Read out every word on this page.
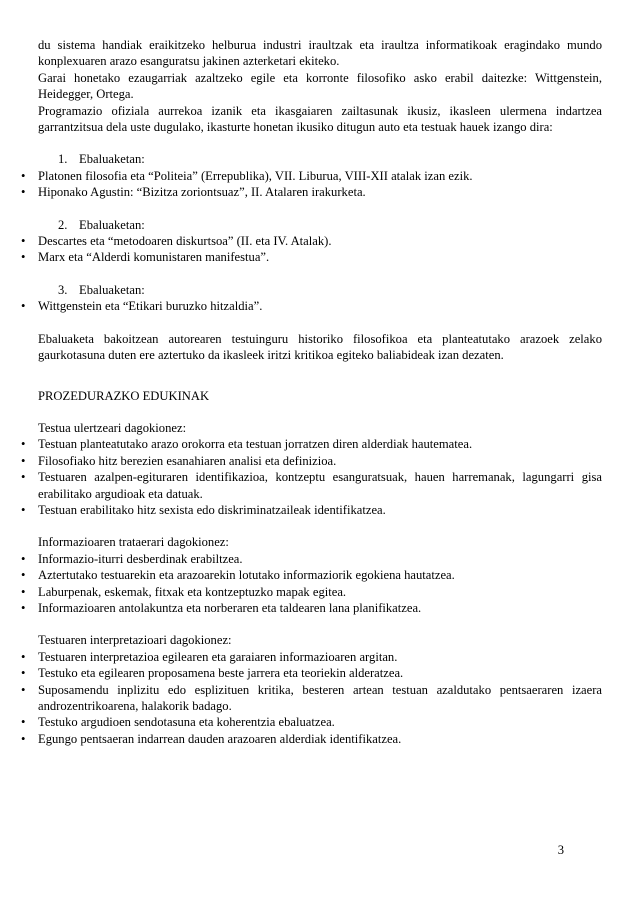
du sistema handiak eraikitzeko helburua industri iraultzak eta iraultza informatikoak eragindako mundo konplexuaren arazo esanguratsu jakinen azterketari ekiteko.

Garai honetako ezaugarriak azaltzeko egile eta korronte filosofiko asko erabil daitezke: Wittgenstein, Heidegger, Ortega.

Programazio ofiziala aurrekoa izanik eta ikasgaiaren zailtasunak ikusiz, ikasleen ulermena indartzea garrantzitsua dela uste dugulako, ikasturte honetan ikusiko ditugun auto eta testuak hauek izango dira:

1. Ebaluaketan:
• Platonen filosofia eta “Politeia” (Errepublika), VII. Liburua, VIII-XII atalak izan ezik.
• Hiponako Agustin: “Bizitza zoriontsuaz”, II. Atalaren irakurketa.
2. Ebaluaketan:
• Descartes eta “metodoaren diskurtsoa” (II. eta IV. Atalak).
• Marx eta “Alderdi komunistaren manifestua”.
3. Ebaluaketan:
• Wittgenstein eta “Etikari buruzko hitzaldia”.

Ebaluaketa bakoitzean autorearen testuinguru historiko filosofikoa eta planteatutako arazoek zelako gaurkotasuna duten ere aztertuko da ikasleek iritzi kritikoa egiteko baliabideak izan dezaten.

PROZEDURAZKO EDUKINAK

Testua ulertzeari dagokionez:

• Testuan planteatutako arazo orokorra eta testuan jorratzen diren alderdiak hautematea.
• Filosofiako hitz berezien esanahiaren analisi eta definizioa.
• Testuaren azalpen-egituraren identifikazioa, kontzeptu esanguratsuak, hauen harremanak, lagungarri gisa erabilitako argudioak eta datuak.
• Testuan erabilitako hitz sexista edo diskriminatzaileak identifikatzea.

Informazioaren trataerari dagokionez:

• Informazio-iturri desberdinak erabiltzea.
• Aztertutako testuarekin eta arazoarekin lotutako informaziorik egokiena hautatzea.
• Laburpenak, eskemak, fitxak eta kontzeptuzko mapak egitea.
• Informazioaren antolakuntza eta norberaren eta taldearen lana planifikatzea.

Testuaren interpretazioari dagokionez:

• Testuaren interpretazioa egilearen eta garaiaren informazioaren argitan.
• Testuko eta egilearen proposamena beste jarrera eta teoriekin alderatzea.
• Suposamendu inplizitu edo esplizituen kritika, besteren artean testuan azaldutako pentsaeraren izaera androzentrikoarena, halakorik badago.
• Testuko argudioen sendotasuna eta koherentzia ebaluatzea.
• Egungo pentsaeran indarrean dauden arazoaren alderdiak identifikatzea.
3
